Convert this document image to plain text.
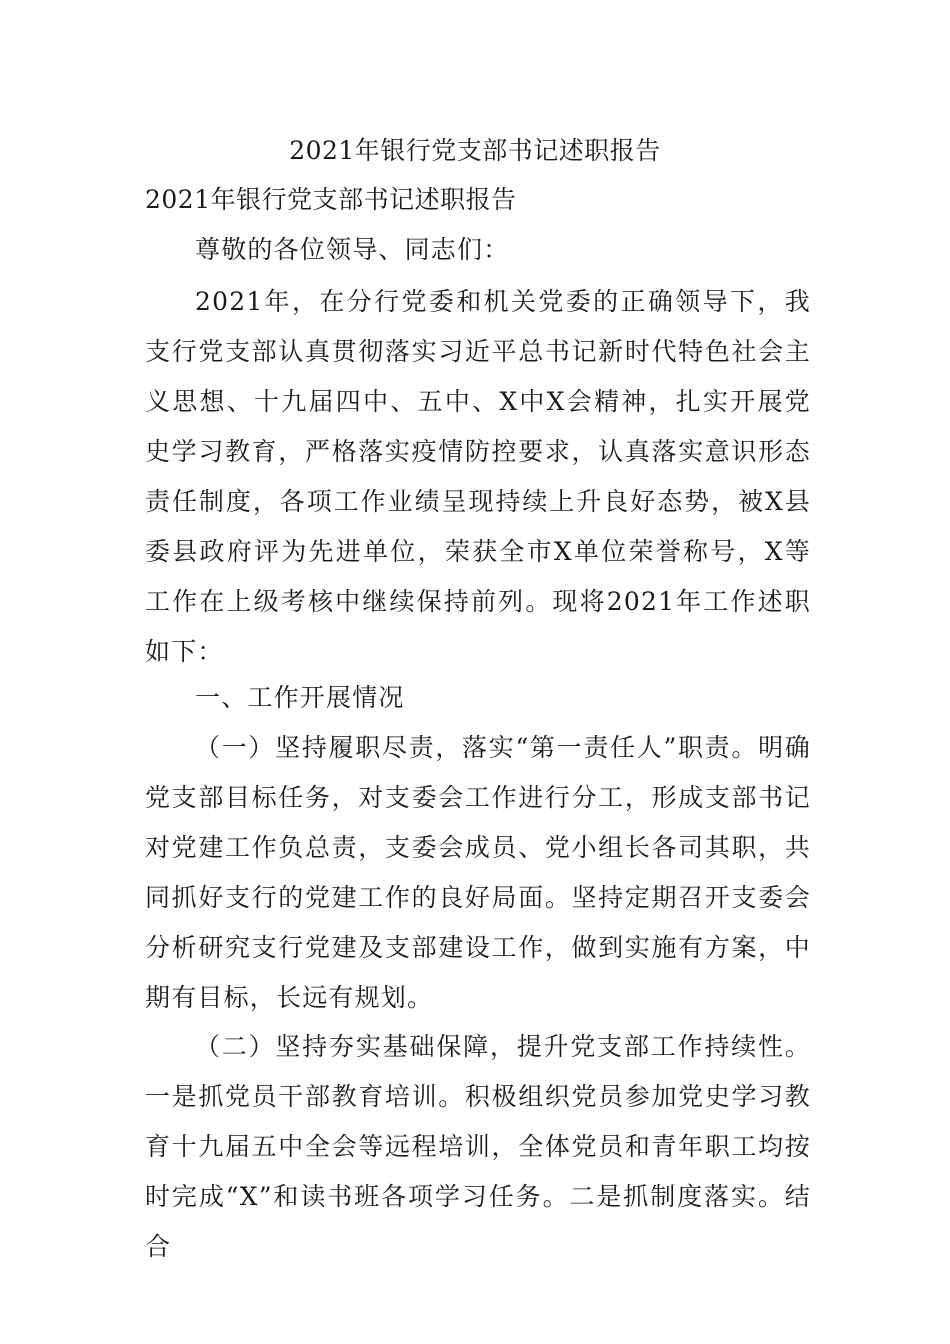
2021年银行党支部书记述职报告
2021年银行党支部书记述职报告

尊敬的各位领导、同志们：

2021年，在分行党委和机关党委的正确领导下，我支行党支部认真贯彻落实习近平总书记新时代特色社会主义思想、十九届四中、五中、X中X会精神，扎实开展党史学习教育，严格落实疫情防控要求，认真落实意识形态责任制度，各项工作业绩呈现持续上升良好态势，被X县委县政府评为先进单位，荣获全市X单位荣誉称号，X等工作在上级考核中继续保持前列。现将2021年工作述职如下：

一、工作开展情况

（一）坚持履职尽责，落实“第一责任人”职责。明确党支部目标任务，对支委会工作进行分工，形成支部书记对党建工作负总责，支委会成员、党小组长各司其职，共同抓好支行的党建工作的良好局面。坚持定期召开支委会分析研究支行党建及支部建设工作，做到实施有方案，中期有目标，长远有规划。

（二）坚持夯实基础保障，提升党支部工作持续性。一是抓党员干部教育培训。积极组织党员参加党史学习教育十九届五中全会等远程培训，全体党员和青年职工均按时完成“X”和读书班各项学习任务。二是抓制度落实。结合
